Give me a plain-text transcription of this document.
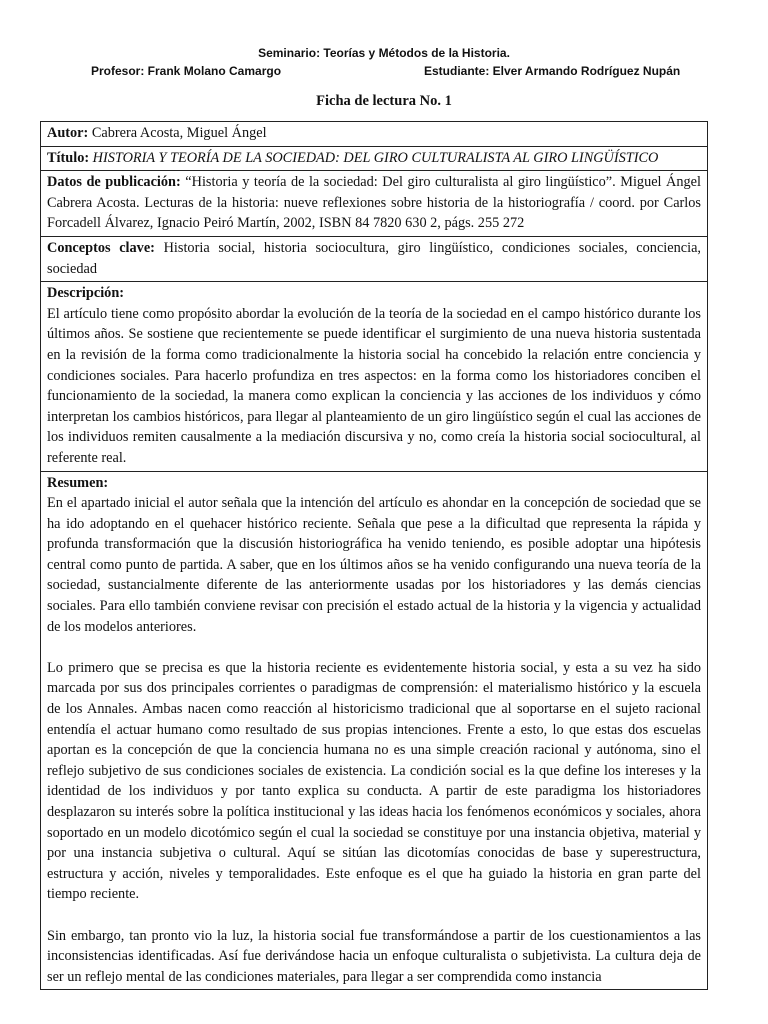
Seminario: Teorías y Métodos de la Historia.
Profesor: Frank Molano Camargo	Estudiante: Elver Armando Rodríguez Nupán
Ficha de lectura No. 1
Autor: Cabrera Acosta, Miguel Ángel
Título: HISTORIA Y TEORÍA DE LA SOCIEDAD: DEL GIRO CULTURALISTA AL GIRO LINGÜÍSTICO
Datos de publicación: “Historia y teoría de la sociedad: Del giro culturalista al giro lingüístico”. Miguel Ángel Cabrera Acosta. Lecturas de la historia: nueve reflexiones sobre historia de la historiografía / coord. por Carlos Forcadell Álvarez, Ignacio Peiró Martín, 2002, ISBN 84 7820 630 2, págs. 255 272
Conceptos clave: Historia social, historia sociocultura, giro lingüístico, condiciones sociales, conciencia, sociedad

Descripción:

El artículo tiene como propósito abordar la evolución de la teoría de la sociedad en el campo histórico durante los últimos años. Se sostiene que recientemente se puede identificar el surgimiento de una nueva historia sustentada en la revisión de la forma como tradicionalmente la historia social ha concebido la relación entre conciencia y condiciones sociales. Para hacerlo profundiza en tres aspectos: en la forma como los historiadores conciben el funcionamiento de la sociedad, la manera como explican la conciencia y las acciones de los individuos y cómo interpretan los cambios históricos, para llegar al planteamiento de un giro lingüístico según el cual las acciones de los individuos remiten causalmente a la mediación discursiva y no, como creía la historia social sociocultural, al referente real.

Resumen:

En el apartado inicial el autor señala que la intención del artículo es ahondar en la concepción de sociedad que se ha ido adoptando en el quehacer histórico reciente. Señala que pese a la dificultad que representa la rápida y profunda transformación que la discusión historiográfica ha venido teniendo, es posible adoptar una hipótesis central como punto de partida. A saber, que en los últimos años se ha venido configurando una nueva teoría de la sociedad, sustancialmente diferente de las anteriormente usadas por los historiadores y las demás ciencias sociales. Para ello también conviene revisar con precisión el estado actual de la historia y la vigencia y actualidad de los modelos anteriores.

Lo primero que se precisa es que la historia reciente es evidentemente historia social, y esta a su vez ha sido marcada por sus dos principales corrientes o paradigmas de comprensión: el materialismo histórico y la escuela de los Annales. Ambas nacen como reacción al historicismo tradicional que al soportarse en el sujeto racional entendía el actuar humano como resultado de sus propias intenciones. Frente a esto, lo que estas dos escuelas aportan es la concepción de que la conciencia humana no es una simple creación racional y autónoma, sino el reflejo subjetivo de sus condiciones sociales de existencia. La condición social es la que define los intereses y la identidad de los individuos y por tanto explica su conducta. A partir de este paradigma los historiadores desplazaron su interés sobre la política institucional y las ideas hacia los fenómenos económicos y sociales, ahora soportado en un modelo dicotómico según el cual la sociedad se constituye por una instancia objetiva, material y por una instancia subjetiva o cultural. Aquí se sitúan las dicotomías conocidas de base y superestructura, estructura y acción, niveles y temporalidades. Este enfoque es el que ha guiado la historia en gran parte del tiempo reciente.

Sin embargo, tan pronto vio la luz, la historia social fue transformándose a partir de los cuestionamientos a las inconsistencias identificadas. Así fue derivándose hacia un enfoque culturalista o subjetivista. La cultura deja de ser un reflejo mental de las condiciones materiales, para llegar a ser comprendida como instancia
